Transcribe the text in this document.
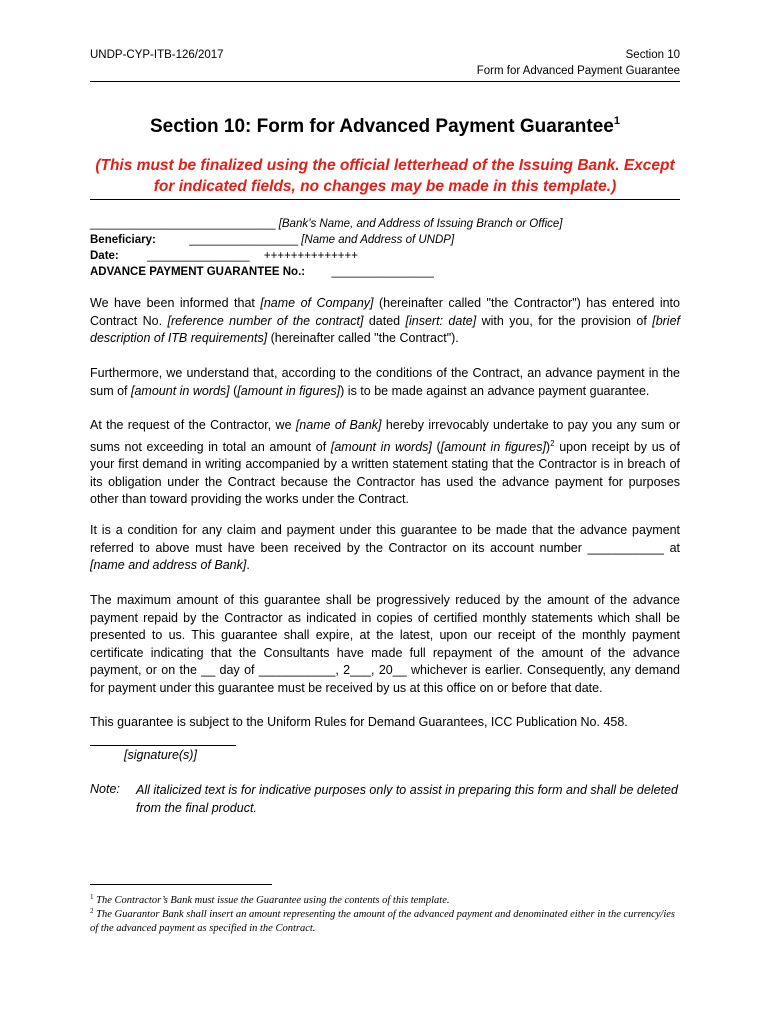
UNDP-CYP-ITB-126/2017	Section 10
Form for Advanced Payment Guarantee
Section 10: Form for Advanced Payment Guarantee$^1$
(This must be finalized using the official letterhead of the Issuing Bank. Except for indicated fields, no changes may be made in this template.)
_____________________________ [Bank’s Name, and Address of Issuing Branch or Office]
Beneficiary:	_________________ [Name and Address of UNDP]
Date: ________________ ++++++++++++++
ADVANCE PAYMENT GUARANTEE No.: ________________

We have been informed that [name of Company] (hereinafter called "the Contractor") has entered into Contract No. [reference number of the contract] dated [insert: date] with you, for the provision of [brief description of ITB requirements] (hereinafter called "the Contract").

Furthermore, we understand that, according to the conditions of the Contract, an advance payment in the sum of [amount in words] ([amount in figures]) is to be made against an advance payment guarantee.

At the request of the Contractor, we [name of Bank] hereby irrevocably undertake to pay you any sum or sums not exceeding in total an amount of [amount in words] ([amount in figures])$^2$ upon receipt by us of your first demand in writing accompanied by a written statement stating that the Contractor is in breach of its obligation under the Contract because the Contractor has used the advance payment for purposes other than toward providing the works under the Contract.

It is a condition for any claim and payment under this guarantee to be made that the advance payment referred to above must have been received by the Contractor on its account number ___________ at [name and address of Bank].

The maximum amount of this guarantee shall be progressively reduced by the amount of the advance payment repaid by the Contractor as indicated in copies of certified monthly statements which shall be presented to us. This guarantee shall expire, at the latest, upon our receipt of the monthly payment certificate indicating that the Consultants have made full repayment of the amount of the advance payment, or on the __ day of ___________, 2___, 20__ whichever is earlier. Consequently, any demand for payment under this guarantee must be received by us at this office on or before that date.

This guarantee is subject to the Uniform Rules for Demand Guarantees, ICC Publication No. 458.

[signature(s)]
Note: All italicized text is for indicative purposes only to assist in preparing this form and shall be deleted from the final product.
$^1$ The Contractor’s Bank must issue the Guarantee using the contents of this template.
$^2$ The Guarantor Bank shall insert an amount representing the amount of the advanced payment and denominated either in the currency/ies of the advanced payment as specified in the Contract.
